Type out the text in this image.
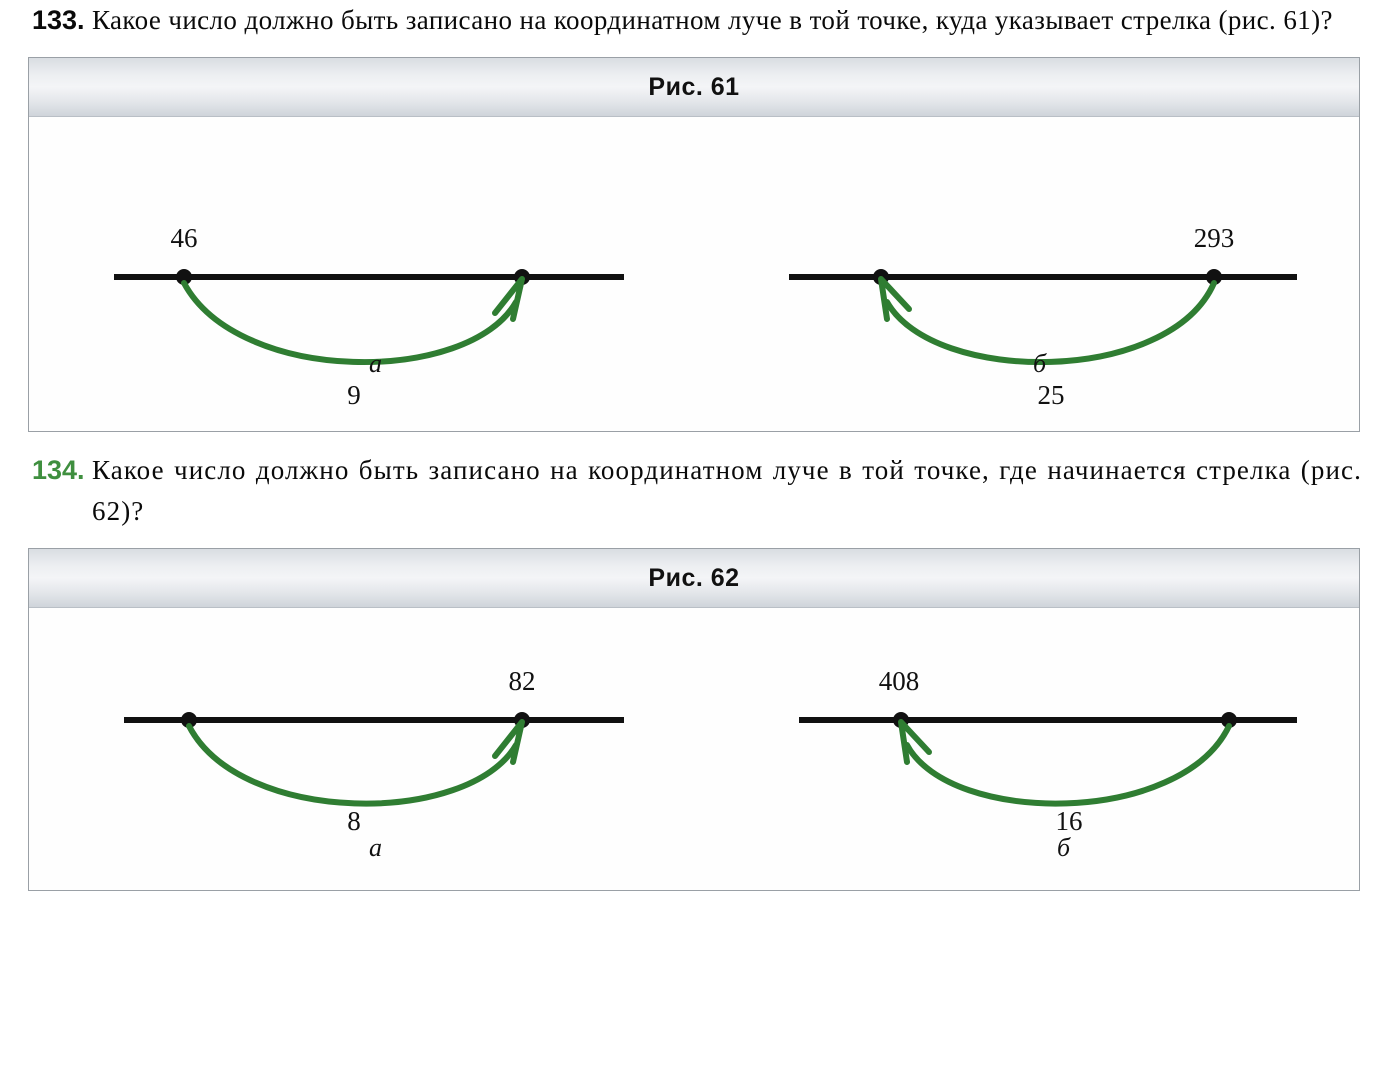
133. Какое число должно быть записано на координатном луче в той точке, куда указывает стрелка (рис. 61)?
Рис. 61
46
9
293
25
а	б
134. Какое число должно быть записано на координатном луче в той точке, где начинается стрелка (рис. 62)?
Рис. 62
82
8
408
16
а	б
